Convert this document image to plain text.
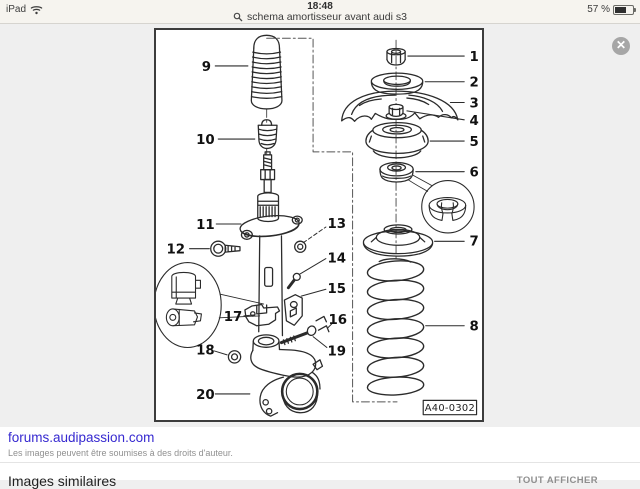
iPad	18:48	57 %
schema amortisseur avant audi s3
1
2
3
4
5
6
7
8
9
10
11
12
13
14
15
16
17
18	19
20
A40-0302
✕
forums.audipassion.com
Les images peuvent être soumises à des droits d'auteur.
Images similaires	TOUT AFFICHER
